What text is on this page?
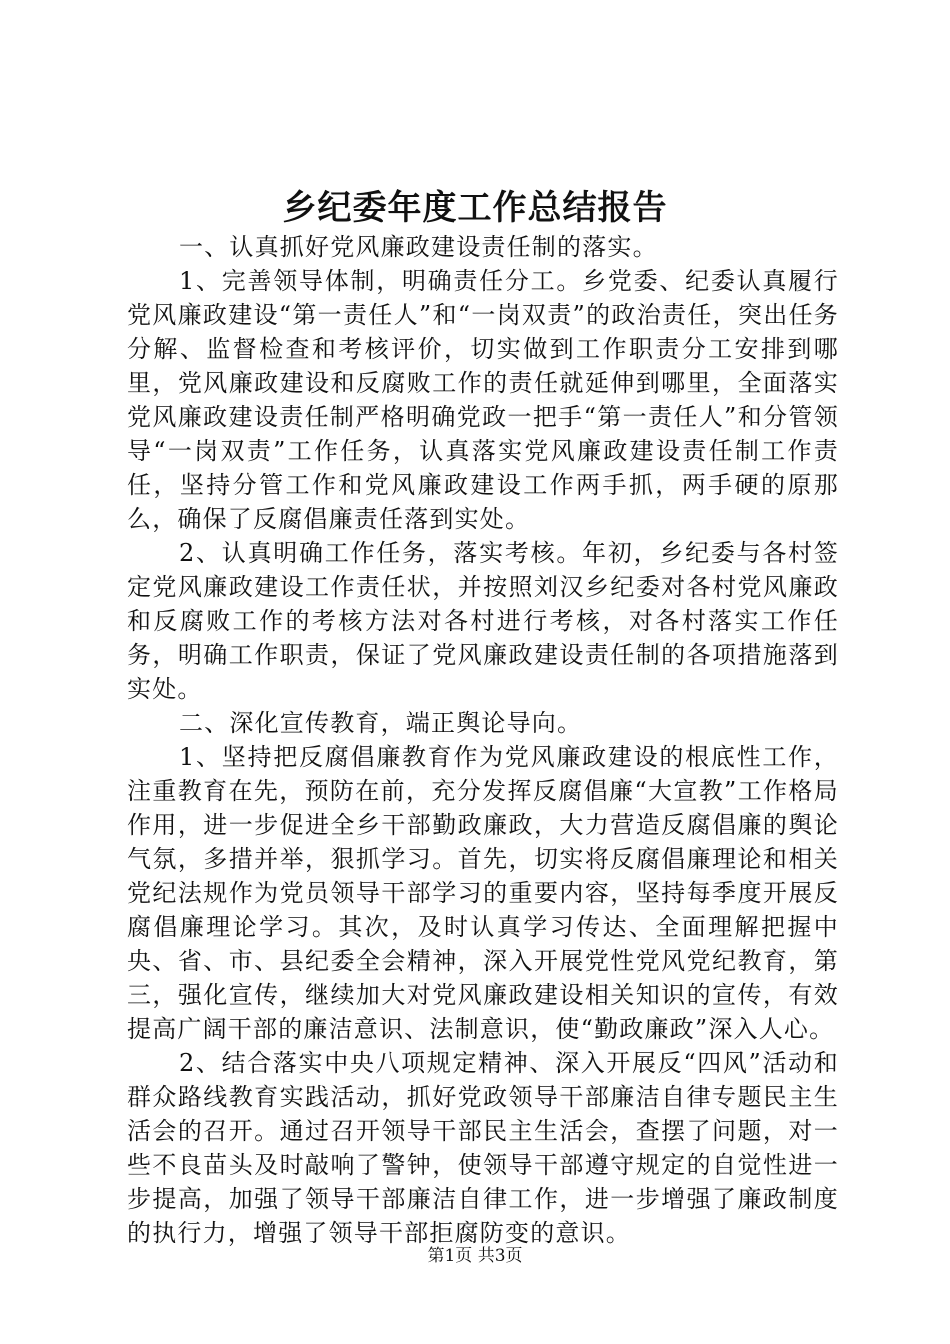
乡纪委年度工作总结报告

一、认真抓好党风廉政建设责任制的落实。

1、完善领导体制，明确责任分工。乡党委、纪委认真履行党风廉政建设“第一责任人”和“一岗双责”的政治责任，突出任务分解、监督检查和考核评价，切实做到工作职责分工安排到哪里，党风廉政建设和反腐败工作的责任就延伸到哪里，全面落实党风廉政建设责任制严格明确党政一把手“第一责任人”和分管领导“一岗双责”工作任务，认真落实党风廉政建设责任制工作责任，坚持分管工作和党风廉政建设工作两手抓，两手硬的原那么，确保了反腐倡廉责任落到实处。

2、认真明确工作任务，落实考核。年初，乡纪委与各村签定党风廉政建设工作责任状，并按照刘汉乡纪委对各村党风廉政和反腐败工作的考核方法对各村进行考核，对各村落实工作任务，明确工作职责，保证了党风廉政建设责任制的各项措施落到实处。

二、深化宣传教育，端正舆论导向。

1、坚持把反腐倡廉教育作为党风廉政建设的根底性工作，注重教育在先，预防在前，充分发挥反腐倡廉“大宣教”工作格局作用，进一步促进全乡干部勤政廉政，大力营造反腐倡廉的舆论气氛，多措并举，狠抓学习。首先，切实将反腐倡廉理论和相关党纪法规作为党员领导干部学习的重要内容，坚持每季度开展反腐倡廉理论学习。其次，及时认真学习传达、全面理解把握中央、省、市、县纪委全会精神，深入开展党性党风党纪教育，第三，强化宣传，继续加大对党风廉政建设相关知识的宣传，有效提高广阔干部的廉洁意识、法制意识，使“勤政廉政”深入人心。

2、结合落实中央八项规定精神、深入开展反“四风”活动和群众路线教育实践活动，抓好党政领导干部廉洁自律专题民主生活会的召开。通过召开领导干部民主生活会，查摆了问题，对一些不良苗头及时敲响了警钟，使领导干部遵守规定的自觉性进一步提高，加强了领导干部廉洁自律工作，进一步增强了廉政制度的执行力，增强了领导干部拒腐防变的意识。

第1页 共3页
